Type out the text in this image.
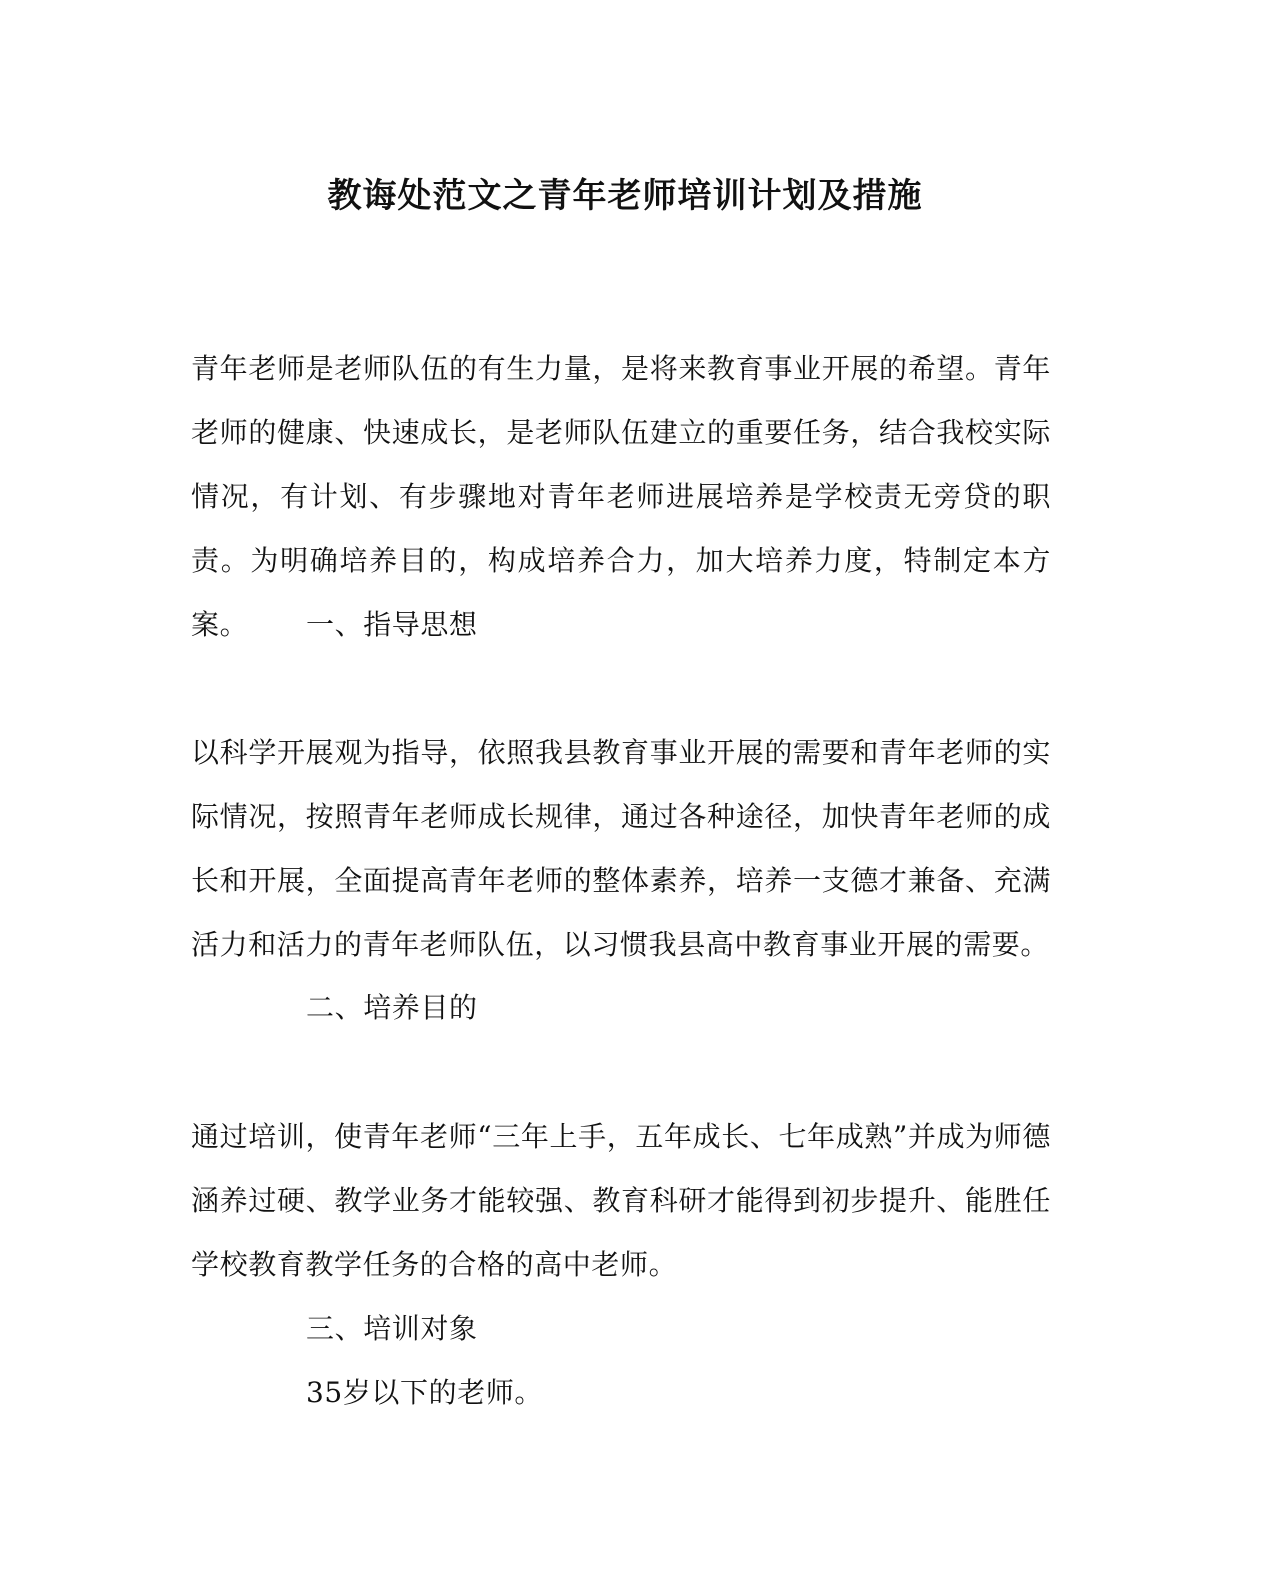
教诲处范文之青年老师培训计划及措施

青年老师是老师队伍的有生力量，是将来教育事业开展的希望。青年老师的健康、快速成长，是老师队伍建立的重要任务，结合我校实际情况，有计划、有步骤地对青年老师进展培养是学校责无旁贷的职责。为明确培养目的，构成培养合力，加大培养力度，特制定本方案。	一、指导思想

以科学开展观为指导，依照我县教育事业开展的需要和青年老师的实际情况，按照青年老师成长规律，通过各种途径，加快青年老师的成长和开展，全面提高青年老师的整体素养，培养一支德才兼备、充满活力和活力的青年老师队伍，以习惯我县高中教育事业开展的需要。

二、培养目的

通过培训，使青年老师“三年上手，五年成长、七年成熟”并成为师德涵养过硬、教学业务才能较强、教育科研才能得到初步提升、能胜任学校教育教学任务的合格的高中老师。

三、培训对象
35岁以下的老师。
